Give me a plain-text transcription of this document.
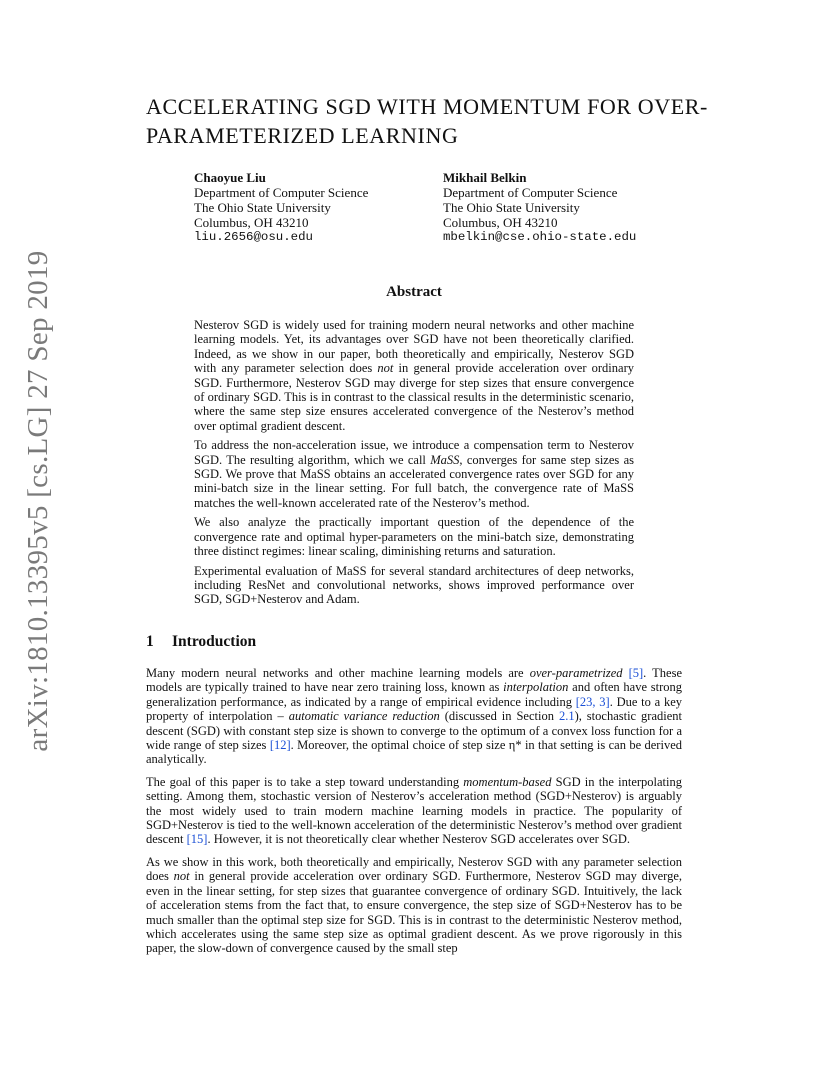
arXiv:1810.13395v5 [cs.LG] 27 Sep 2019
ACCELERATING SGD WITH MOMENTUM FOR OVER-
PARAMETERIZED LEARNING
Chaoyue Liu
Department of Computer Science
The Ohio State University
Columbus, OH 43210
liu.2656@osu.edu
Mikhail Belkin
Department of Computer Science
The Ohio State University
Columbus, OH 43210
mbelkin@cse.ohio-state.edu
Abstract

Nesterov SGD is widely used for training modern neural networks and other machine learning models. Yet, its advantages over SGD have not been theoretically clarified. Indeed, as we show in our paper, both theoretically and empirically, Nesterov SGD with any parameter selection does not in general provide acceleration over ordinary SGD. Furthermore, Nesterov SGD may diverge for step sizes that ensure convergence of ordinary SGD. This is in contrast to the classical results in the deterministic scenario, where the same step size ensures accelerated convergence of the Nesterov’s method over optimal gradient descent.

To address the non-acceleration issue, we introduce a compensation term to Nesterov SGD. The resulting algorithm, which we call MaSS, converges for same step sizes as SGD. We prove that MaSS obtains an accelerated convergence rates over SGD for any mini-batch size in the linear setting. For full batch, the convergence rate of MaSS matches the well-known accelerated rate of the Nesterov’s method.

We also analyze the practically important question of the dependence of the convergence rate and optimal hyper-parameters on the mini-batch size, demonstrating three distinct regimes: linear scaling, diminishing returns and saturation.

Experimental evaluation of MaSS for several standard architectures of deep networks, including ResNet and convolutional networks, shows improved performance over SGD, SGD+Nesterov and Adam.

1 Introduction

Many modern neural networks and other machine learning models are over-parametrized [5]. These models are typically trained to have near zero training loss, known as interpolation and often have strong generalization performance, as indicated by a range of empirical evidence including [23, 3]. Due to a key property of interpolation – automatic variance reduction (discussed in Section 2.1), stochastic gradient descent (SGD) with constant step size is shown to converge to the optimum of a convex loss function for a wide range of step sizes [12]. Moreover, the optimal choice of step size η* in that setting is can be derived analytically.

The goal of this paper is to take a step toward understanding momentum-based SGD in the interpolating setting. Among them, stochastic version of Nesterov’s acceleration method (SGD+Nesterov) is arguably the most widely used to train modern machine learning models in practice. The popularity of SGD+Nesterov is tied to the well-known acceleration of the deterministic Nesterov’s method over gradient descent [15]. However, it is not theoretically clear whether Nesterov SGD accelerates over SGD.

As we show in this work, both theoretically and empirically, Nesterov SGD with any parameter selection does not in general provide acceleration over ordinary SGD. Furthermore, Nesterov SGD may diverge, even in the linear setting, for step sizes that guarantee convergence of ordinary SGD. Intuitively, the lack of acceleration stems from the fact that, to ensure convergence, the step size of SGD+Nesterov has to be much smaller than the optimal step size for SGD. This is in contrast to the deterministic Nesterov method, which accelerates using the same step size as optimal gradient descent. As we prove rigorously in this paper, the slow-down of convergence caused by the small step
